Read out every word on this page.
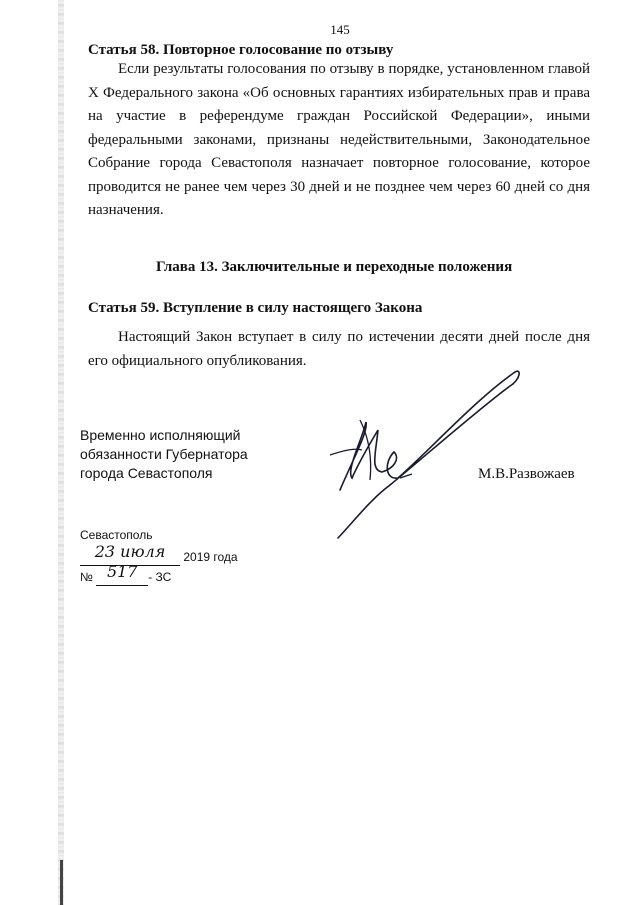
145
Статья 58. Повторное голосование по отзыву
Если результаты голосования по отзыву в порядке, установленном главой X Федерального закона «Об основных гарантиях избирательных прав и права на участие в референдуме граждан Российской Федерации», иными федеральными законами, признаны недействительными, Законодательное Собрание города Севастополя назначает повторное голосование, которое проводится не ранее чем через 30 дней и не позднее чем через 60 дней со дня назначения.
Глава 13. Заключительные и переходные положения
Статья 59. Вступление в силу настоящего Закона
Настоящий Закон вступает в силу по истечении десяти дней после дня его официального опубликования.
Временно исполняющий
обязанности Губернатора
города Севастополя	М.В.Развожаев
Севастополь
23 июля 2019 года
№ 517 - ЗС
